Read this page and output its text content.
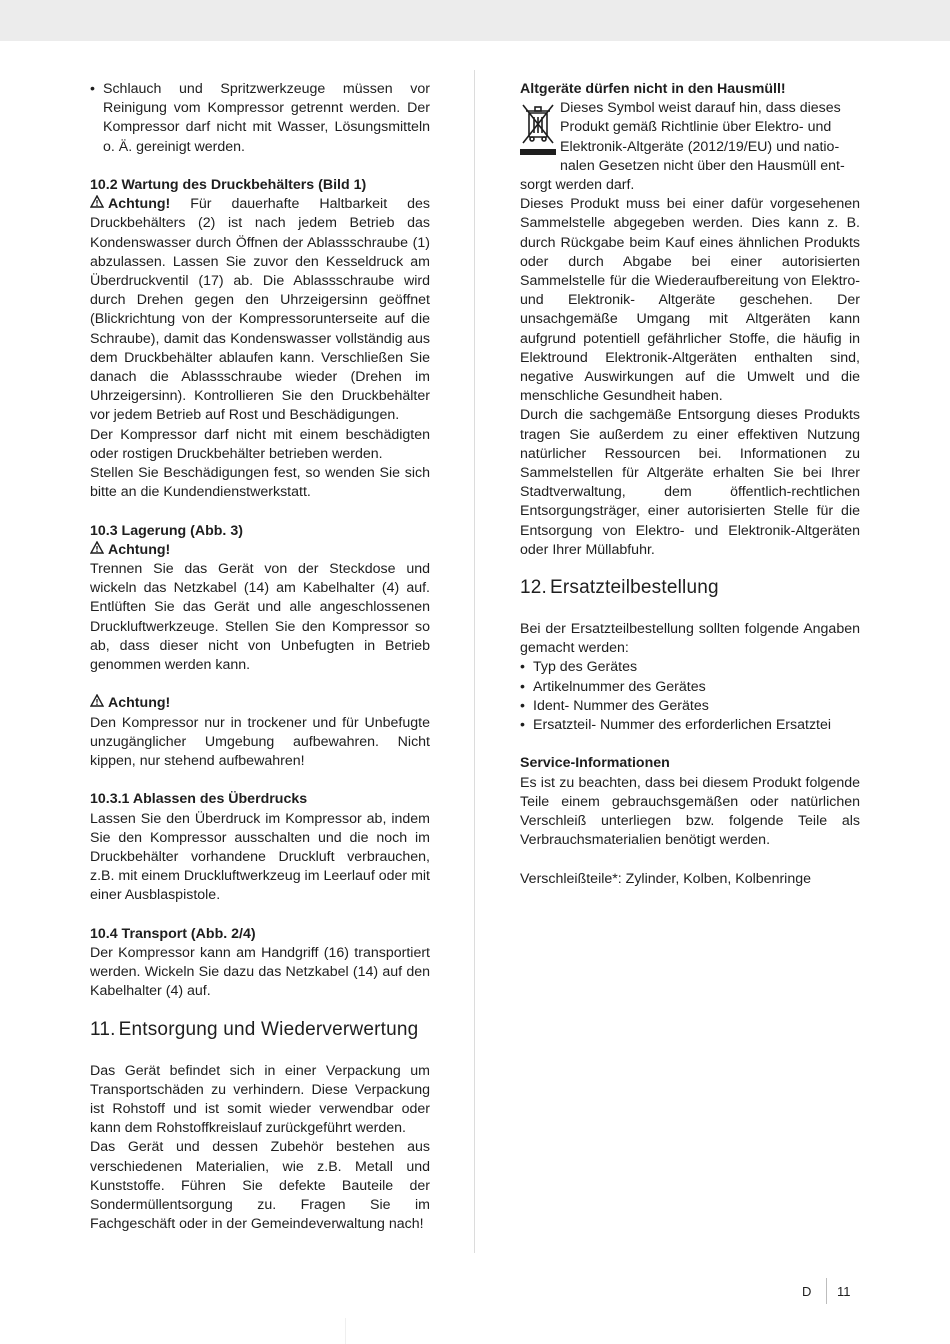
• Schlauch und Spritzwerkzeuge müssen vor Reinigung vom Kompressor getrennt werden. Der Kompressor darf nicht mit Wasser, Lösungsmitteln o. Ä. gereinigt werden.

10.2 Wartung des Druckbehälters (Bild 1)

Achtung! Für dauerhafte Haltbarkeit des Druckbehälters (2) ist nach jedem Betrieb das Kondenswasser durch Öffnen der Ablassschraube (1) abzulassen. Lassen Sie zuvor den Kesseldruck am Überdruckventil (17) ab. Die Ablassschraube wird durch Drehen gegen den Uhrzeigersinn geöffnet (Blickrichtung von der Kompressorunterseite auf die Schraube), damit das Kondenswasser vollständig aus dem Druckbehälter ablaufen kann. Verschließen Sie danach die Ablassschraube wieder (Drehen im Uhrzeigersinn). Kontrollieren Sie den Druckbehälter vor jedem Betrieb auf Rost und Beschädigungen.

Der Kompressor darf nicht mit einem beschädigten oder rostigen Druckbehälter betrieben werden.

Stellen Sie Beschädigungen fest, so wenden Sie sich bitte an die Kundendienstwerkstatt.

10.3 Lagerung (Abb. 3)

Achtung!

Trennen Sie das Gerät von der Steckdose und wickeln das Netzkabel (14) am Kabelhalter (4) auf. Entlüften Sie das Gerät und alle angeschlossenen Druckluftwerkzeuge. Stellen Sie den Kompressor so ab, dass dieser nicht von Unbefugten in Betrieb genommen werden kann.

Achtung!

Den Kompressor nur in trockener und für Unbefugte unzugänglicher Umgebung aufbewahren. Nicht kippen, nur stehend aufbewahren!

10.3.1 Ablassen des Überdrucks

Lassen Sie den Überdruck im Kompressor ab, indem Sie den Kompressor ausschalten und die noch im Druckbehälter vorhandene Druckluft verbrauchen, z.B. mit einem Druckluftwerkzeug im Leerlauf oder mit einer Ausblaspistole.

10.4 Transport (Abb. 2/4)

Der Kompressor kann am Handgriff (16) transportiert werden. Wickeln Sie dazu das Netzkabel (14) auf den Kabelhalter (4) auf.

11. Entsorgung und Wiederverwertung

Das Gerät befindet sich in einer Verpackung um Transportschäden zu verhindern. Diese Verpackung ist Rohstoff und ist somit wieder verwendbar oder kann dem Rohstoffkreislauf zurückgeführt werden.

Das Gerät und dessen Zubehör bestehen aus verschiedenen Materialien, wie z.B. Metall und Kunststoffe. Führen Sie defekte Bauteile der Sondermüllentsorgung zu. Fragen Sie im Fachgeschäft oder in der Gemeindeverwaltung nach!

Altgeräte dürfen nicht in den Hausmüll!

Dieses Symbol weist darauf hin, dass dieses

Produkt gemäß Richtlinie über Elektro- und

Elektronik-Altgeräte (2012/19/EU) und natio-

nalen Gesetzen nicht über den Hausmüll ent-

sorgt werden darf.

Dieses Produkt muss bei einer dafür vorgesehenen Sammelstelle abgegeben werden. Dies kann z. B. durch Rückgabe beim Kauf eines ähnlichen Produkts oder durch Abgabe bei einer autorisierten Sammelstelle für die Wiederaufbereitung von Elektro- und Elektronik- Altgeräte geschehen. Der unsachgemäße Umgang mit Altgeräten kann aufgrund potentiell gefährlicher Stoffe, die häufig in Elektround Elektronik-Altgeräten enthalten sind, negative Auswirkungen auf die Umwelt und die menschliche Gesundheit haben.

Durch die sachgemäße Entsorgung dieses Produkts tragen Sie außerdem zu einer effektiven Nutzung natürlicher Ressourcen bei. Informationen zu Sammelstellen für Altgeräte erhalten Sie bei Ihrer Stadtverwaltung, dem öffentlich-rechtlichen Entsorgungsträger, einer autorisierten Stelle für die Entsorgung von Elektro- und Elektronik-Altgeräten oder Ihrer Müllabfuhr.

12. Ersatzteilbestellung

Bei der Ersatzteilbestellung sollten folgende Angaben gemacht werden:

• Typ des Gerätes
• Artikelnummer des Gerätes
• Ident- Nummer des Gerätes
• Ersatzteil- Nummer des erforderlichen Ersatztei

Service-Informationen

Es ist zu beachten, dass bei diesem Produkt folgende Teile einem gebrauchsgemäßen oder natürlichen Verschleiß unterliegen bzw. folgende Teile als Verbrauchsmaterialien benötigt werden.

Verschleißteile*: Zylinder, Kolben, Kolbenringe

D 11
